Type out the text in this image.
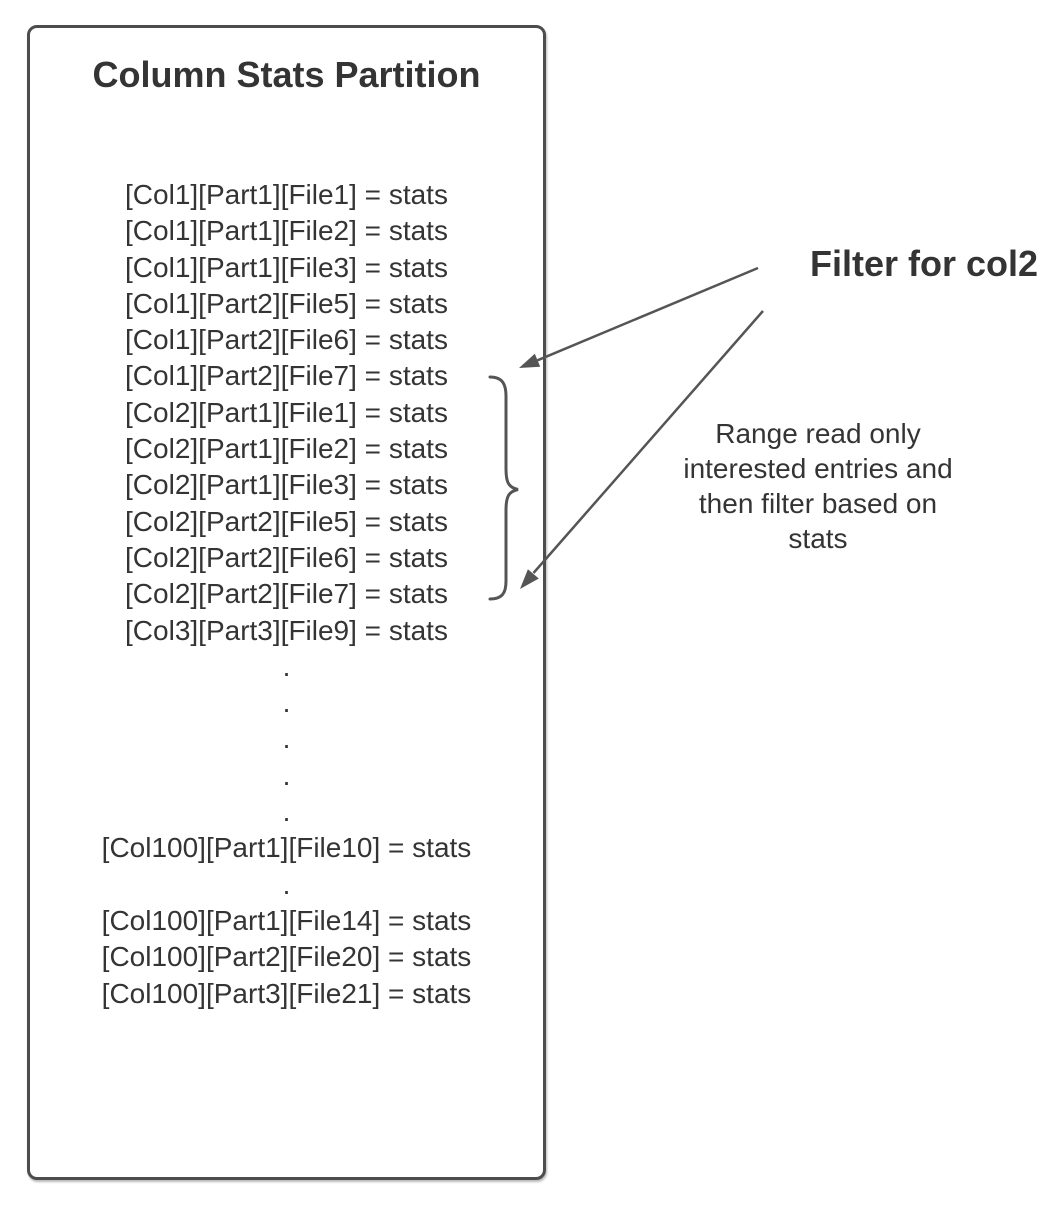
Column Stats Partition
[Col1][Part1][File1] = stats
[Col1][Part1][File2] = stats
[Col1][Part1][File3] = stats
[Col1][Part2][File5] = stats
[Col1][Part2][File6] = stats
[Col1][Part2][File7] = stats
[Col2][Part1][File1] = stats
[Col2][Part1][File2] = stats
[Col2][Part1][File3] = stats
[Col2][Part2][File5] = stats
[Col2][Part2][File6] = stats
[Col2][Part2][File7] = stats
[Col3][Part3][File9] = stats
.
.
.
.
.
[Col100][Part1][File10] = stats
.
[Col100][Part1][File14] = stats
[Col100][Part2][File20] = stats
[Col100][Part3][File21] = stats
Filter for col2
Range read only
interested entries and
then filter based on
stats
